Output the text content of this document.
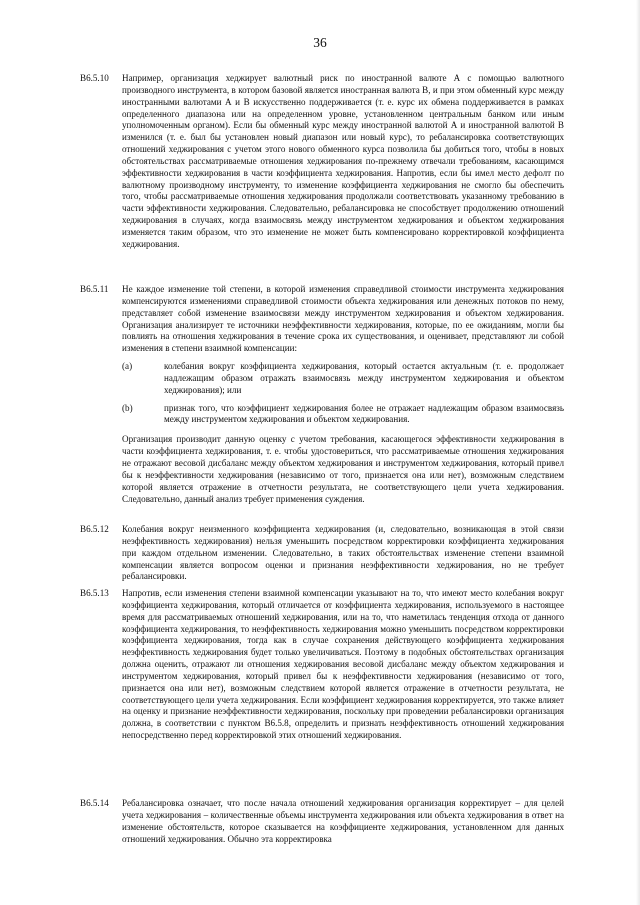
36
B6.5.10	Например, организация хеджирует валютный риск по иностранной валюте А с помощью валютного производного инструмента, в котором базовой является иностранная валюта В, и при этом обменный курс между иностранными валютами А и В искусственно поддерживается (т. е. курс их обмена поддерживается в рамках определенного диапазона или на определенном уровне, установленном центральным банком или иным уполномоченным органом). Если бы обменный курс между иностранной валютой А и иностранной валютой В изменился (т. е. был бы установлен новый диапазон или новый курс), то ребалансировка соответствующих отношений хеджирования с учетом этого нового обменного курса позволила бы добиться того, чтобы в новых обстоятельствах рассматриваемые отношения хеджирования по-прежнему отвечали требованиям, касающимся эффективности хеджирования в части коэффициента хеджирования. Напротив, если бы имел место дефолт по валютному производному инструменту, то изменение коэффициента хеджирования не смогло бы обеспечить того, чтобы рассматриваемые отношения хеджирования продолжали соответствовать указанному требованию в части эффективности хеджирования. Следовательно, ребалансировка не способствует продолжению отношений хеджирования в случаях, когда взаимосвязь между инструментом хеджирования и объектом хеджирования изменяется таким образом, что это изменение не может быть компенсировано корректировкой коэффициента хеджирования.
B6.5.11	Не каждое изменение той степени, в которой изменения справедливой стоимости инструмента хеджирования компенсируются изменениями справедливой стоимости объекта хеджирования или денежных потоков по нему, представляет собой изменение взаимосвязи между инструментом хеджирования и объектом хеджирования. Организация анализирует те источники неэффективности хеджирования, которые, по ее ожиданиям, могли бы повлиять на отношения хеджирования в течение срока их существования, и оценивает, представляют ли собой изменения в степени взаимной компенсации:
(a)	колебания вокруг коэффициента хеджирования, который остается актуальным (т. е. продолжает надлежащим образом отражать взаимосвязь между инструментом хеджирования и объектом хеджирования); или
(b)	признак того, что коэффициент хеджирования более не отражает надлежащим образом взаимосвязь между инструментом хеджирования и объектом хеджирования.
Организация производит данную оценку с учетом требования, касающегося эффективности хеджирования в части коэффициента хеджирования, т. е. чтобы удостовериться, что рассматриваемые отношения хеджирования не отражают весовой дисбаланс между объектом хеджирования и инструментом хеджирования, который привел бы к неэффективности хеджирования (независимо от того, признается она или нет), возможным следствием которой является отражение в отчетности результата, не соответствующего цели учета хеджирования. Следовательно, данный анализ требует применения суждения.
B6.5.12	Колебания вокруг неизменного коэффициента хеджирования (и, следовательно, возникающая в этой связи неэффективность хеджирования) нельзя уменьшить посредством корректировки коэффициента хеджирования при каждом отдельном изменении. Следовательно, в таких обстоятельствах изменение степени взаимной компенсации является вопросом оценки и признания неэффективности хеджирования, но не требует ребалансировки.
B6.5.13	Напротив, если изменения степени взаимной компенсации указывают на то, что имеют место колебания вокруг коэффициента хеджирования, который отличается от коэффициента хеджирования, используемого в настоящее время для рассматриваемых отношений хеджирования, или на то, что наметилась тенденция отхода от данного коэффициента хеджирования, то неэффективность хеджирования можно уменьшить посредством корректировки коэффициента хеджирования, тогда как в случае сохранения действующего коэффициента хеджирования неэффективность хеджирования будет только увеличиваться. Поэтому в подобных обстоятельствах организация должна оценить, отражают ли отношения хеджирования весовой дисбаланс между объектом хеджирования и инструментом хеджирования, который привел бы к неэффективности хеджирования (независимо от того, признается она или нет), возможным следствием которой является отражение в отчетности результата, не соответствующего цели учета хеджирования. Если коэффициент хеджирования корректируется, это также влияет на оценку и признание неэффективности хеджирования, поскольку при проведении ребалансировки организация должна, в соответствии с пунктом B6.5.8, определить и признать неэффективность отношений хеджирования непосредственно перед корректировкой этих отношений хеджирования.
B6.5.14	Ребалансировка означает, что после начала отношений хеджирования организация корректирует – для целей учета хеджирования – количественные объемы инструмента хеджирования или объекта хеджирования в ответ на изменение обстоятельств, которое сказывается на коэффициенте хеджирования, установленном для данных отношений хеджирования. Обычно эта корректировка
